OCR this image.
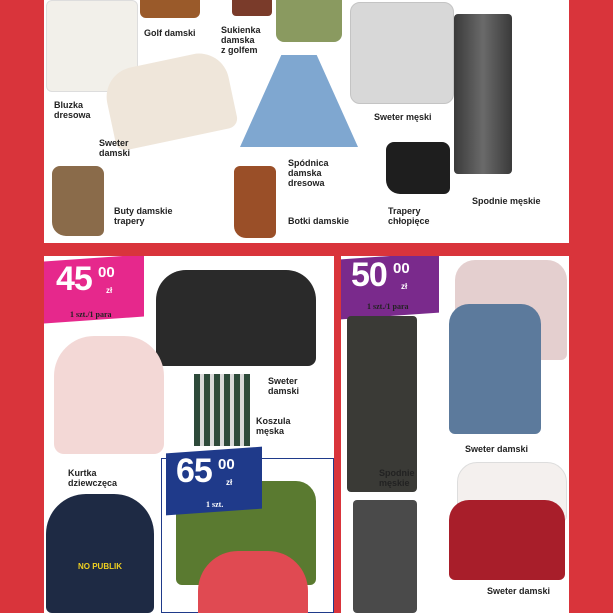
Golf damski	Sukienka
damska
z golfem
Bluzka
dresowa
Sweter
damski
Sweter męski
Spódnica
damska
dresowa
Buty damskie
trapery	Botki damskie
Trapery
chłopięce
Spodnie męskie
45 00
zł
1 szt./1 para
NO PUBLIK
Sweter
damski
Koszula
męska
Kurtka
dziewczęca 65 00
zł
1 szt.
50 00
zł
1 szt./1 para
Sweter damski
Spodnie
męskie
Sweter damski
